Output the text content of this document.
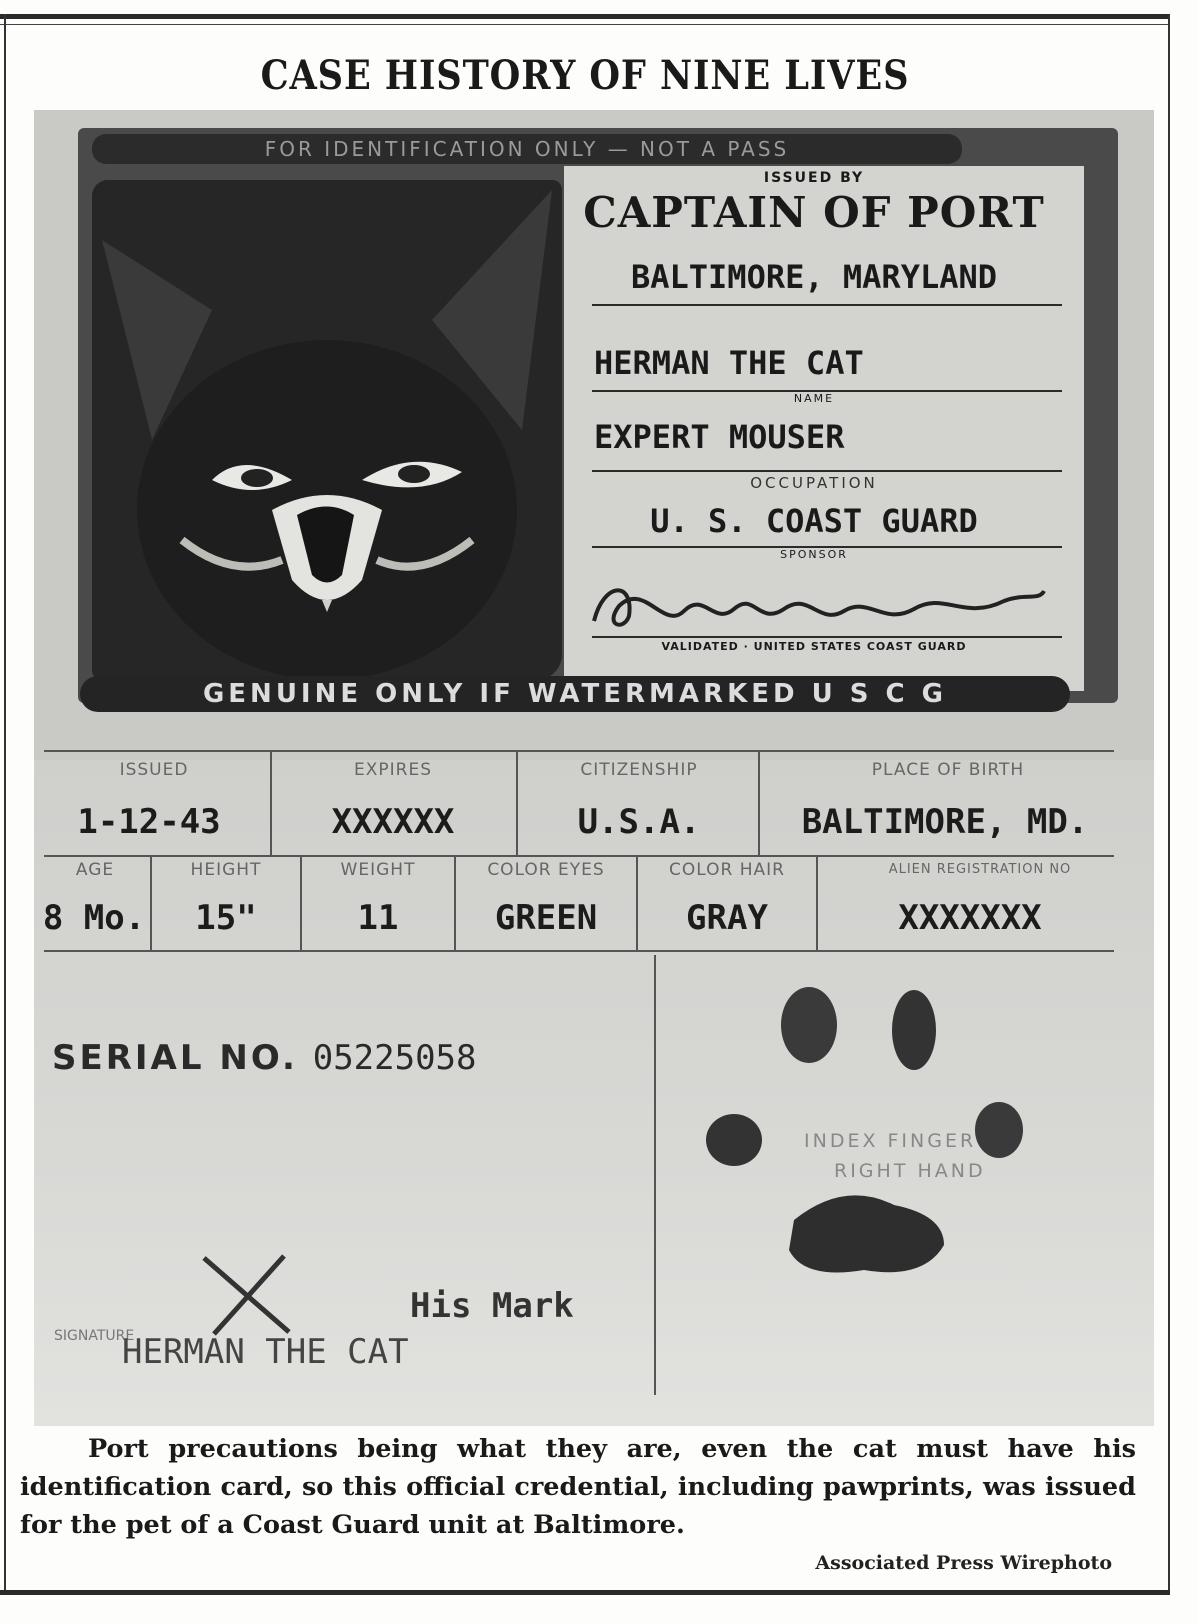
CASE HISTORY OF NINE LIVES
FOR IDENTIFICATION ONLY — NOT A PASS
ISSUED BY
CAPTAIN OF PORT
BALTIMORE, MARYLAND
HERMAN THE CAT
NAME
EXPERT MOUSER
OCCUPATION
U. S. COAST GUARD
SPONSOR
VALIDATED · UNITED STATES COAST GUARD
GENUINE ONLY IF WATERMARKED U S C G
ISSUED
1-12-43
EXPIRES
XXXXXX
CITIZENSHIP
U.S.A.
PLACE OF BIRTH
BALTIMORE, MD.
AGE
8 Mo.
HEIGHT
15"
WEIGHT
11
COLOR EYES
GREEN
COLOR HAIR
GRAY
ALIEN REGISTRATION NO
XXXXXXX
SERIAL NO. 05225058
INDEX FINGER
RIGHT HAND
His Mark
SIGNATURE
HERMAN THE CAT
Port precautions being what they are, even the cat must have his identification card, so this official credential, including pawprints, was issued for the pet of a Coast Guard unit at Baltimore.
Associated Press Wirephoto
